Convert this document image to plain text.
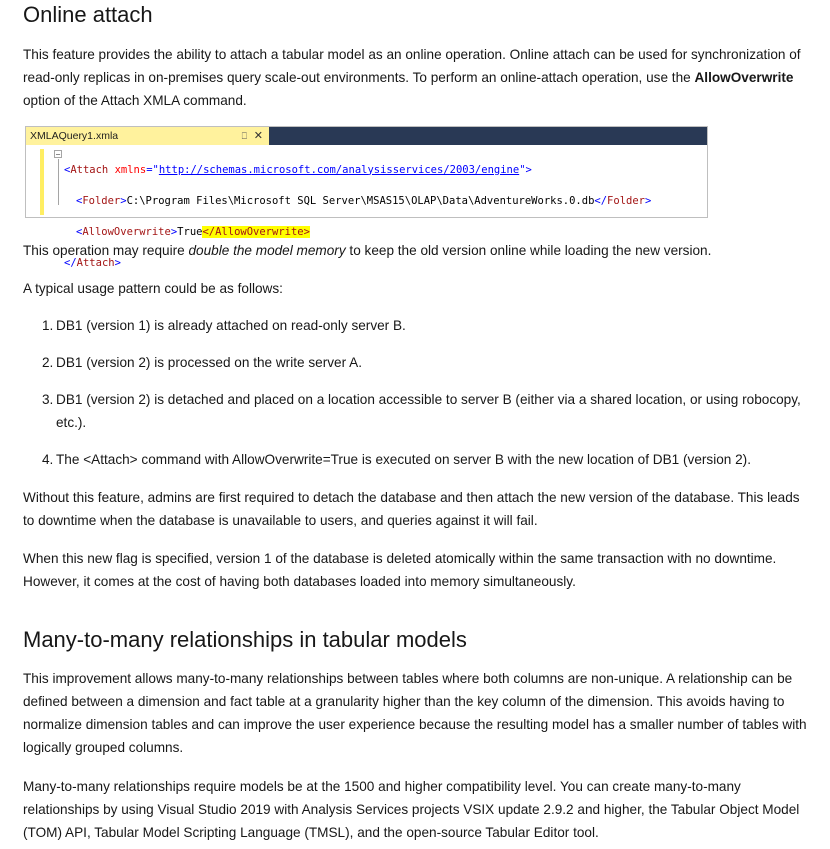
Online attach

This feature provides the ability to attach a tabular model as an online operation. Online attach can be used for synchronization of read-only replicas in on-premises query scale-out environments. To perform an online-attach operation, use the AllowOverwrite option of the Attach XMLA command.

XMLAQuery1.xmla	⎕ ✕
−

<Attach xmlns="http://schemas.microsoft.com/analysisservices/2003/engine">

<Folder>C:\Program Files\Microsoft SQL Server\MSAS15\OLAP\Data\AdventureWorks.0.db</Folder>

<AllowOverwrite>True</AllowOverwrite>

</Attach>

This operation may require double the model memory to keep the old version online while loading the new version.

A typical usage pattern could be as follows:

1. DB1 (version 1) is already attached on read-only server B.
2. DB1 (version 2) is processed on the write server A.
3. DB1 (version 2) is detached and placed on a location accessible to server B (either via a shared location, or using robocopy, etc.).
4. The <Attach> command with AllowOverwrite=True is executed on server B with the new location of DB1 (version 2).

Without this feature, admins are first required to detach the database and then attach the new version of the database. This leads to downtime when the database is unavailable to users, and queries against it will fail.

When this new flag is specified, version 1 of the database is deleted atomically within the same transaction with no downtime. However, it comes at the cost of having both databases loaded into memory simultaneously.

Many-to-many relationships in tabular models

This improvement allows many-to-many relationships between tables where both columns are non-unique. A relationship can be defined between a dimension and fact table at a granularity higher than the key column of the dimension. This avoids having to normalize dimension tables and can improve the user experience because the resulting model has a smaller number of tables with logically grouped columns.

Many-to-many relationships require models be at the 1500 and higher compatibility level. You can create many-to-many relationships by using Visual Studio 2019 with Analysis Services projects VSIX update 2.9.2 and higher, the Tabular Object Model (TOM) API, Tabular Model Scripting Language (TMSL), and the open-source Tabular Editor tool.
